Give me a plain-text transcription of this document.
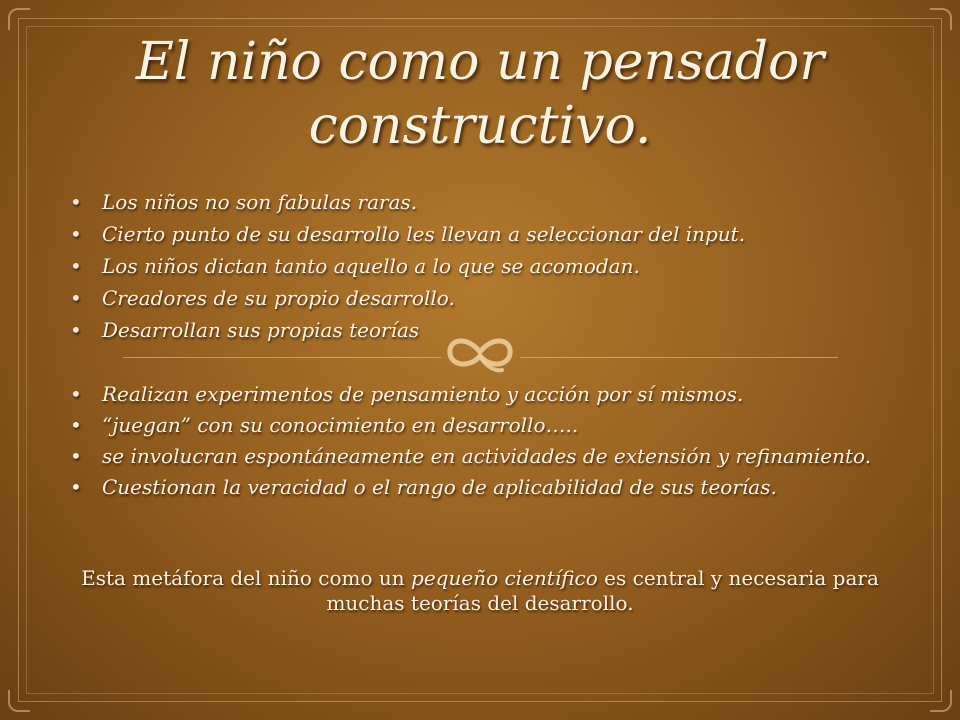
El niño como un pensador
constructivo.
• Los niños no son fabulas raras.
• Cierto punto de su desarrollo les llevan a seleccionar del input.
• Los niños dictan tanto aquello a lo que se acomodan.
• Creadores de su propio desarrollo.
• Desarrollan sus propias teorías
• Realizan experimentos de pensamiento y acción por sí mismos.
• “juegan” con su conocimiento en desarrollo…..
• se involucran espontáneamente en actividades de extensión y refinamiento.
• Cuestionan la veracidad o el rango de aplicabilidad de sus teorías.

Esta metáfora del niño como un pequeño científico es central y necesaria para muchas teorías del desarrollo.
